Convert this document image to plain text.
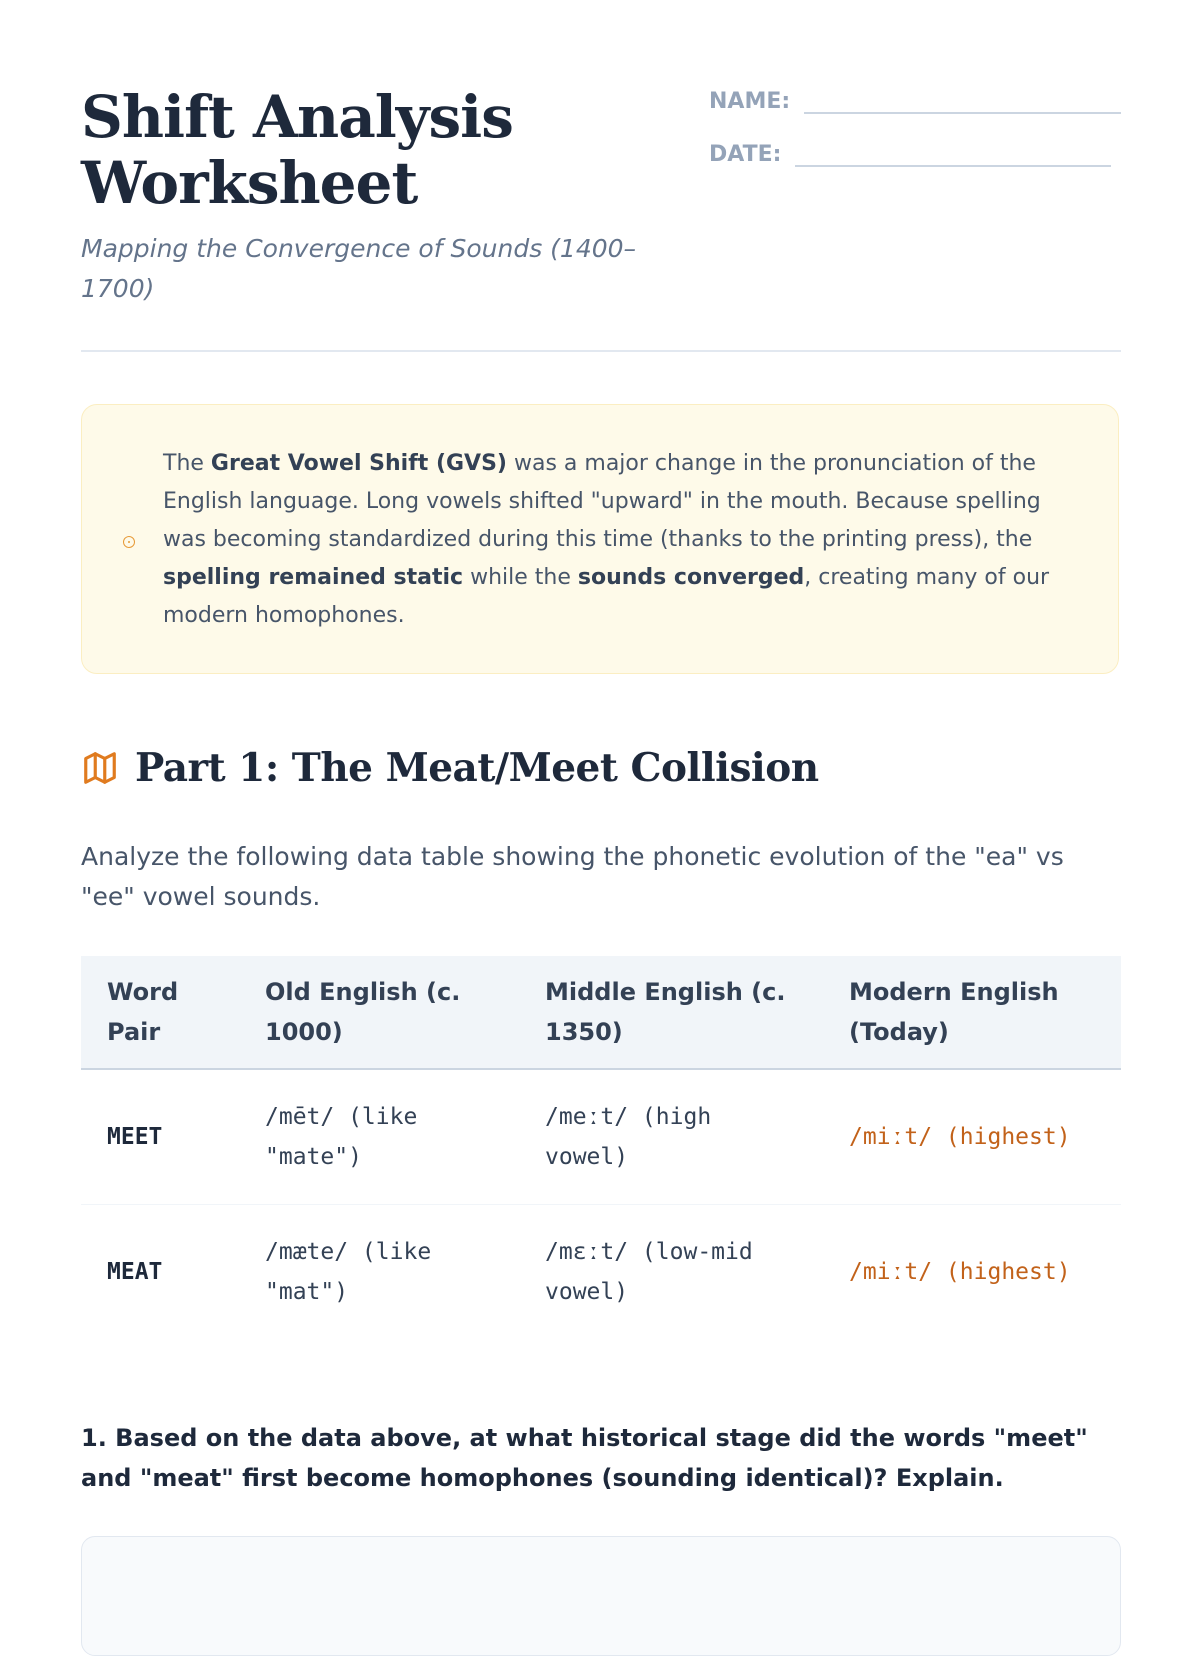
Shift Analysis Worksheet
Mapping the Convergence of Sounds (1400–1700)
NAME:
DATE:
The Great Vowel Shift (GVS) was a major change in the pronunciation of the English language. Long vowels shifted "upward" in the mouth. Because spelling was becoming standardized during this time (thanks to the printing press), the spelling remained static while the sounds converged, creating many of our modern homophones.
Part 1: The Meat/Meet Collision
Analyze the following data table showing the phonetic evolution of the "ea" vs "ee" vowel sounds.
Word Pair	Old English (c. 1000)	Middle English (c. 1350)	Modern English (Today)
MEET	/mēt/ (like "mate")	/meːt/ (high vowel)	/miːt/ (highest)
MEAT	/mæte/ (like "mat")	/mɛːt/ (low-mid vowel)	/miːt/ (highest)
1. Based on the data above, at what historical stage did the words "meet" and "meat" first become homophones (sounding identical)? Explain.
